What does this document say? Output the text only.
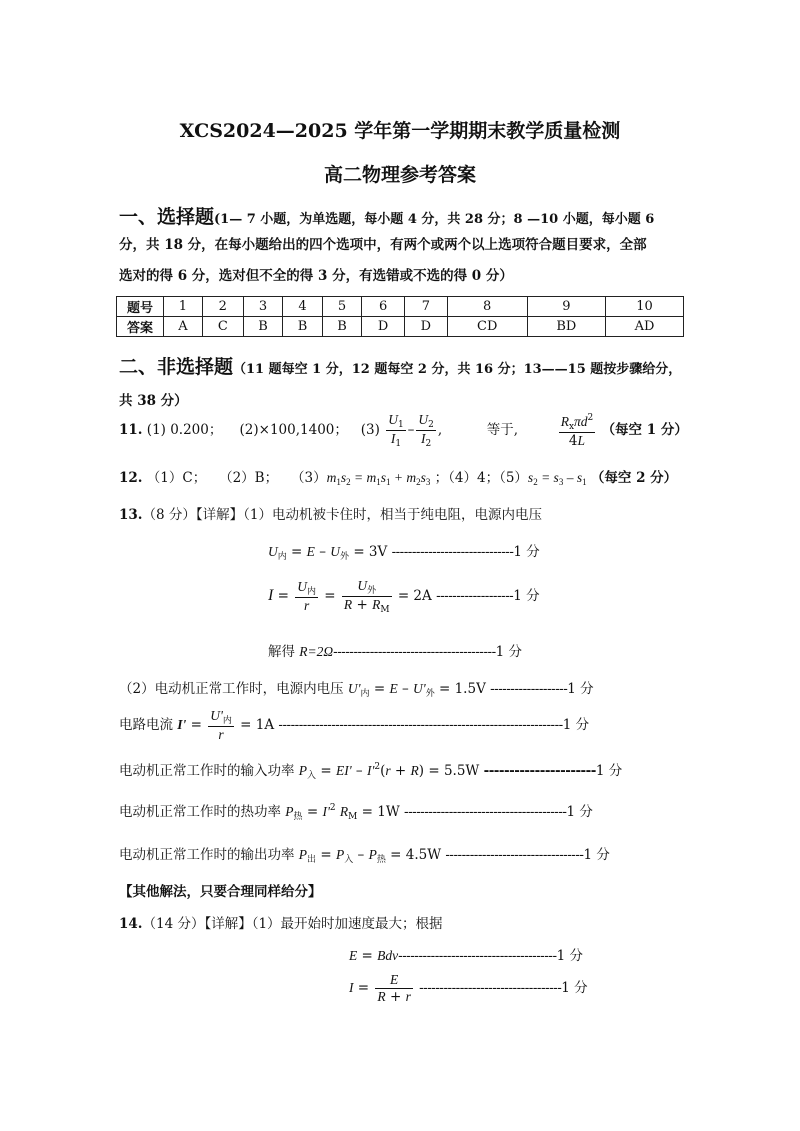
XCS2024—2025 学年第一学期期末教学质量检测
高二物理参考答案
一、选择题(1— 7 小题，为单选题，每小题 4 分，共 28 分；8 —10 小题，每小题 6
分，共 18 分，在每小题给出的四个选项中，有两个或两个以上选项符合题目要求，全部
选对的得 6 分，选对但不全的得 3 分，有选错或不选的得 0 分）
题号	1	2	3	4	5	6	7	8	9	10
答案	A	C	B	B	B	D	D	CD	BD	AD
二、非选择题（11 题每空 1 分，12 题每空 2 分，共 16 分；13——15 题按步骤给分，
共 38 分）
11. (1) 0.200； (2)×100,1400； $(3) \frac{U_1}{I_1} - \frac{U_2}{I_2}$ ,	等于,	$\frac{R_x\pi d^2}{4L}$ （每空 1 分）
12. （1）C； （2）B； $(3)m_1s_2 = m_1s_1 + m_2s_3$ ；（4）4；$(5)s_2 = s_3 - s_1$ （每空 2 分）
13.（8 分）【详解】（1）电动机被卡住时，相当于纯电阻，电源内电压
$U_内 = E - U_外 = 3V$ ------------------------------1 分
$I = \frac{U_内}{r} = \frac{U_外}{R + R_M} = 2A$ -------------------1 分
解得 R=2Ω----------------------------------------1 分
（2）电动机正常工作时，电源内电压 $U'_内 = E - U'_外 = 1.5V$ -------------------1 分
电路电流 $I' = \frac{U'_内}{r} = 1A$ ----------------------------------------------------------------------1 分
电动机正常工作时的输入功率 $P_入 = EI' - I'^2(r + R) = 5.5W$ ----------------------1 分
电动机正常工作时的热功率 $P_热 = I'^2$ $R_M = 1W$ ----------------------------------------1 分
电动机正常工作时的输出功率 $P_出 = P_入 - P_热 = 4.5W$ ----------------------------------1 分
【其他解法，只要合理同样给分】
14.（14 分）【详解】（1）最开始时加速度最大；根据
E = Bdv---------------------------------------1 分
$I = \frac{E}{R + r} -----------------------------------1$ 分
